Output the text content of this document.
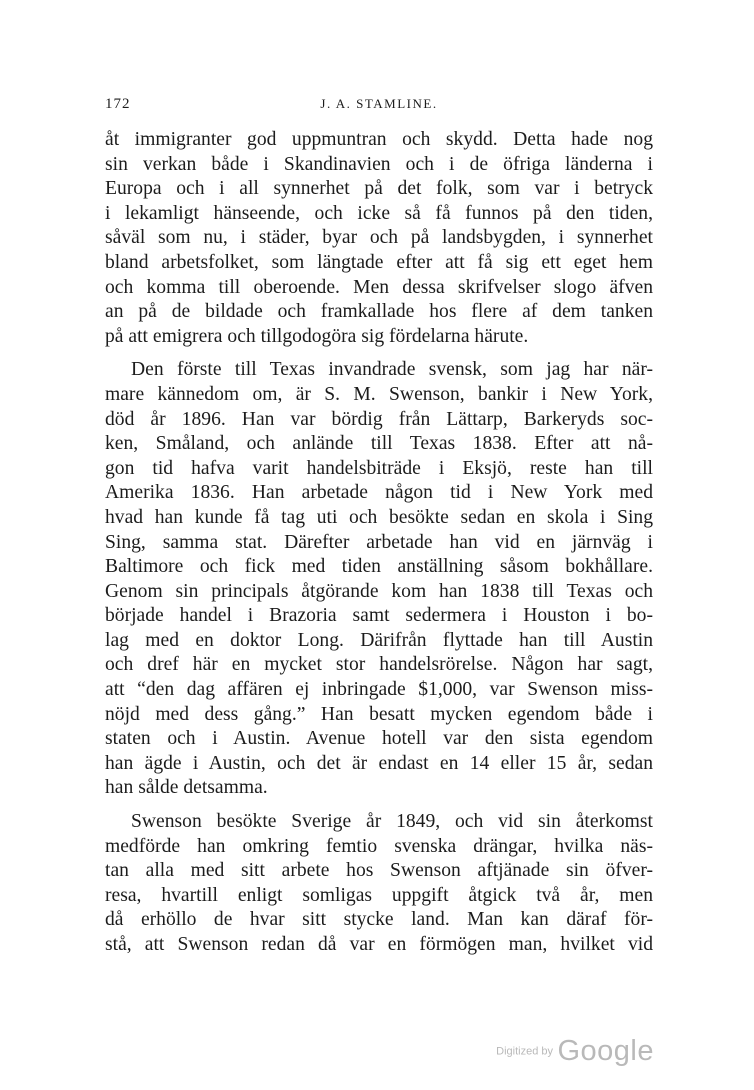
172	J. A. STAMLINE.
åt immigranter god uppmuntran och skydd. Detta hade nog
sin verkan både i Skandinavien och i de öfriga länderna i
Europa och i all synnerhet på det folk, som var i betryck
i lekamligt hänseende, och icke så få funnos på den tiden,
såväl som nu, i städer, byar och på landsbygden, i synnerhet
bland arbetsfolket, som längtade efter att få sig ett eget hem
och komma till oberoende. Men dessa skrifvelser slogo äfven
an på de bildade och framkallade hos flere af dem tanken
på att emigrera och tillgodogöra sig fördelarna härute.
Den förste till Texas invandrade svensk, som jag har när-
mare kännedom om, är S. M. Swenson, bankir i New York,
död år 1896. Han var bördig från Lättarp, Barkeryds soc-
ken, Småland, och anlände till Texas 1838. Efter att nå-
gon tid hafva varit handelsbiträde i Eksjö, reste han till
Amerika 1836. Han arbetade någon tid i New York med
hvad han kunde få tag uti och besökte sedan en skola i Sing
Sing, samma stat. Därefter arbetade han vid en järnväg i
Baltimore och fick med tiden anställning såsom bokhållare.
Genom sin principals åtgörande kom han 1838 till Texas och
började handel i Brazoria samt sedermera i Houston i bo-
lag med en doktor Long. Därifrån flyttade han till Austin
och dref här en mycket stor handelsrörelse. Någon har sagt,
att “den dag affären ej inbringade $1,000, var Swenson miss-
nöjd med dess gång.” Han besatt mycken egendom både i
staten och i Austin. Avenue hotell var den sista egendom
han ägde i Austin, och det är endast en 14 eller 15 år, sedan
han sålde detsamma.
Swenson besökte Sverige år 1849, och vid sin återkomst
medförde han omkring femtio svenska drängar, hvilka näs-
tan alla med sitt arbete hos Swenson aftjänade sin öfver-
resa, hvartill enligt somligas uppgift åtgick två år, men
då erhöllo de hvar sitt stycke land. Man kan däraf för-
stå, att Swenson redan då var en förmögen man, hvilket vid
Digitized by Google
